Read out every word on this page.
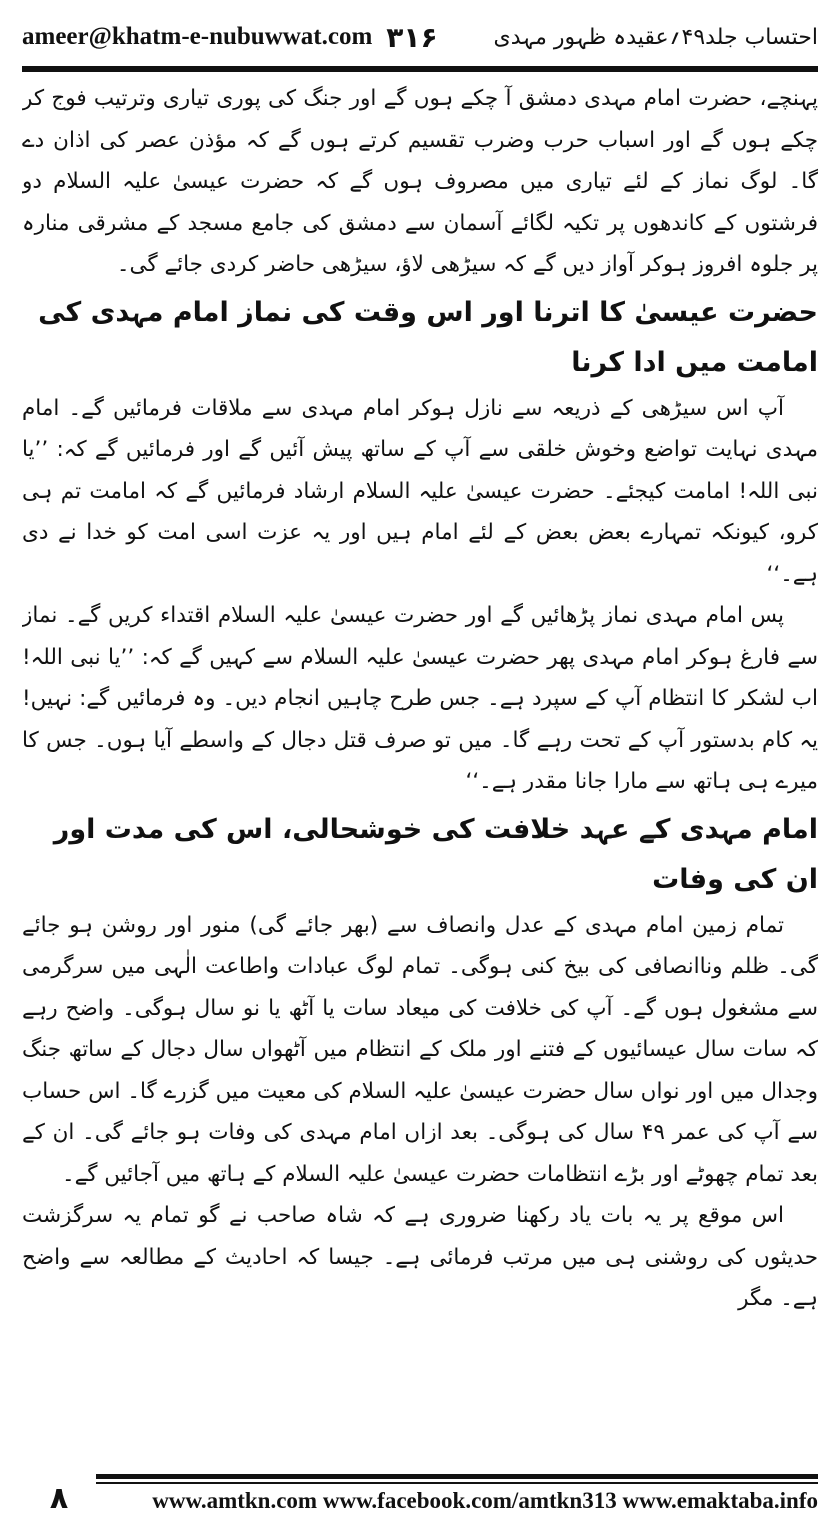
ameer@khatm-e-nubuwwat.com ۳۱۶	احتساب جلد۴۹؍عقیدہ ظہور مہدی

پہنچے، حضرت امام مہدی دمشق آ چکے ہوں گے اور جنگ کی پوری تیاری وترتیب فوج کر چکے ہوں گے اور اسباب حرب وضرب تقسیم کرتے ہوں گے کہ مؤذن عصر کی اذان دے گا۔ لوگ نماز کے لئے تیاری میں مصروف ہوں گے کہ حضرت عیسیٰ علیہ السلام دو فرشتوں کے کاندھوں پر تکیہ لگائے آسمان سے دمشق کی جامع مسجد کے مشرقی منارہ پر جلوہ افروز ہوکر آواز دیں گے کہ سیڑھی لاؤ، سیڑھی حاضر کردی جائے گی۔

حضرت عیسیٰ کا اترنا اور اس وقت کی نماز امام مہدی کی امامت میں ادا کرنا

آپ اس سیڑھی کے ذریعہ سے نازل ہوکر امام مہدی سے ملاقات فرمائیں گے۔ امام مہدی نہایت تواضع وخوش خلقی سے آپ کے ساتھ پیش آئیں گے اور فرمائیں گے کہ: ’’یا نبی اللہ! امامت کیجئے۔ حضرت عیسیٰ علیہ السلام ارشاد فرمائیں گے کہ امامت تم ہی کرو، کیونکہ تمہارے بعض بعض کے لئے امام ہیں اور یہ عزت اسی امت کو خدا نے دی ہے۔‘‘

پس امام مہدی نماز پڑھائیں گے اور حضرت عیسیٰ علیہ السلام اقتداء کریں گے۔ نماز سے فارغ ہوکر امام مہدی پھر حضرت عیسیٰ علیہ السلام سے کہیں گے کہ: ’’یا نبی اللہ! اب لشکر کا انتظام آپ کے سپرد ہے۔ جس طرح چاہیں انجام دیں۔ وہ فرمائیں گے: نہیں! یہ کام بدستور آپ کے تحت رہے گا۔ میں تو صرف قتل دجال کے واسطے آیا ہوں۔ جس کا میرے ہی ہاتھ سے مارا جانا مقدر ہے۔‘‘

امام مہدی کے عہد خلافت کی خوشحالی، اس کی مدت اور ان کی وفات

تمام زمین امام مہدی کے عدل وانصاف سے (بھر جائے گی) منور اور روشن ہو جائے گی۔ ظلم وناانصافی کی بیخ کنی ہوگی۔ تمام لوگ عبادات واطاعت الٰہی میں سرگرمی سے مشغول ہوں گے۔ آپ کی خلافت کی میعاد سات یا آٹھ یا نو سال ہوگی۔ واضح رہے کہ سات سال عیسائیوں کے فتنے اور ملک کے انتظام میں آٹھواں سال دجال کے ساتھ جنگ وجدال میں اور نواں سال حضرت عیسیٰ علیہ السلام کی معیت میں گزرے گا۔ اس حساب سے آپ کی عمر ۴۹ سال کی ہوگی۔ بعد ازاں امام مہدی کی وفات ہو جائے گی۔ ان کے بعد تمام چھوٹے اور بڑے انتظامات حضرت عیسیٰ علیہ السلام کے ہاتھ میں آجائیں گے۔

اس موقع پر یہ بات یاد رکھنا ضروری ہے کہ شاہ صاحب نے گو تمام یہ سرگزشت حدیثوں کی روشنی ہی میں مرتب فرمائی ہے۔ جیسا کہ احادیث کے مطالعہ سے واضح ہے۔ مگر

۸	www.amtkn.com www.facebook.com/amtkn313 www.emaktaba.info
